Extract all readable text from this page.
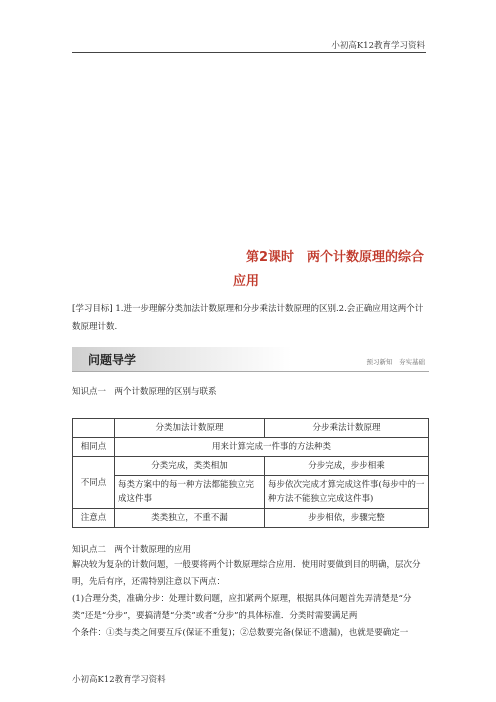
小初高K12教育学习资料
第2课时　两个计数原理的综合
应用
[学习目标] 1.进一步理解分类加法计数原理和分步乘法计数原理的区别.2.会正确应用这两个计数原理计数.
问题导学	预习新知　夯实基础
知识点一　两个计数原理的区别与联系
	分类加法计数原理	分步乘法计数原理
相同点	用来计算完成一件事的方法种类	
不同点	分类完成，类类相加	分步完成，步步相乘
	每类方案中的每一种方法都能独立完成这件事	每步依次完成才算完成这件事(每步中的一种方法不能独立完成这件事)
注意点	类类独立，不重不漏	步步相依，步骤完整
知识点二　两个计数原理的应用

解决较为复杂的计数问题，一般要将两个计数原理综合应用．使用时要做到目的明确，层次分明，先后有序，还需特别注意以下两点：

(1)合理分类，准确分步：处理计数问题，应扣紧两个原理，根据具体问题首先弄清楚是“分类”还是“分步”，要搞清楚“分类”或者“分步”的具体标准．分类时需要满足两

个条件：①类与类之间要互斥(保证不重复)；②总数要完备(保证不遗漏)，也就是要确定一

小初高K12教育学习资料
